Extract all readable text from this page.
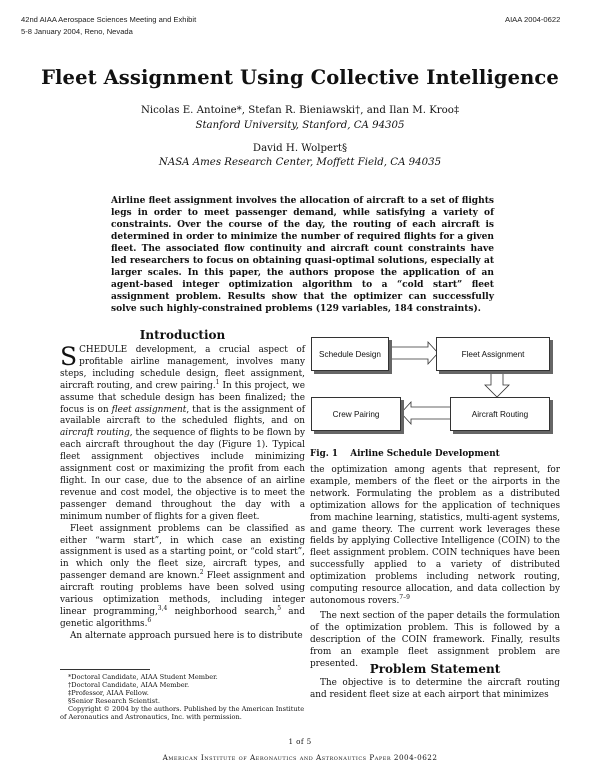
42nd AIAA Aerospace Sciences Meeting and Exhibit
5-8 January 2004, Reno, Nevada
AIAA 2004-0622
Fleet Assignment Using Collective Intelligence
Nicolas E. Antoine*, Stefan R. Bieniawski†, and Ilan M. Kroo‡
Stanford University, Stanford, CA 94305
David H. Wolpert§
NASA Ames Research Center, Moffett Field, CA 94035
Airline fleet assignment involves the allocation of aircraft to a set of flights legs in order to meet passenger demand, while satisfying a variety of constraints. Over the course of the day, the routing of each aircraft is determined in order to minimize the number of required flights for a given fleet. The associated flow continuity and aircraft count constraints have led researchers to focus on obtaining quasi-optimal solutions, especially at larger scales. In this paper, the authors propose the application of an agent-based integer optimization algorithm to a “cold start” fleet assignment problem. Results show that the optimizer can successfully solve such highly-constrained problems (129 variables, 184 constraints).
Introduction

SCHEDULE development, a crucial aspect of profitable airline management, involves many steps, including schedule design, fleet assignment, aircraft routing, and crew pairing.$^1$ In this project, we assume that schedule design has been finalized; the focus is on fleet assignment, that is the assignment of available aircraft to the scheduled flights, and on aircraft routing, the sequence of flights to be flown by each aircraft throughout the day (Figure 1). Typical fleet assignment objectives include minimizing assignment cost or maximizing the profit from each flight. In our case, due to the absence of an airline revenue and cost model, the objective is to meet the passenger demand throughout the day with a minimum number of flights for a given fleet.

Fleet assignment problems can be classified as either “warm start”, in which case an existing assignment is used as a starting point, or “cold start”, in which only the fleet size, aircraft types, and passenger demand are known.$^2$ Fleet assignment and aircraft routing problems have been solved using various optimization methods, including integer linear programming,$^{3,4}$ neighborhood search,$^5$ and genetic algorithms.$^6$

An alternate approach pursued here is to distribute

*Doctoral Candidate, AIAA Student Member.

†Doctoral Candidate, AIAA Member.

‡Professor, AIAA Fellow.

§Senior Research Scientist.

Copyright © 2004 by the authors. Published by the American Institute of Aeronautics and Astronautics, Inc. with permission.

Schedule Design	Fleet Assignment
Crew Pairing	Aircraft Routing
Fig. 1 Airline Schedule Development

the optimization among agents that represent, for example, members of the fleet or the airports in the network. Formulating the problem as a distributed optimization allows for the application of techniques from machine learning, statistics, multi-agent systems, and game theory. The current work leverages these fields by applying Collective Intelligence (COIN) to the fleet assignment problem. COIN techniques have been successfully applied to a variety of distributed optimization problems including network routing, computing resource allocation, and data collection by autonomous rovers.$^{7-9}$

The next section of the paper details the formulation of the optimization problem. This is followed by a description of the COIN framework. Finally, results from an example fleet assignment problem are presented. Problem Statement

The objective is to determine the aircraft routing and resident fleet size at each airport that minimizes

1 of 5
American Institute of Aeronautics and Astronautics Paper 2004-0622
